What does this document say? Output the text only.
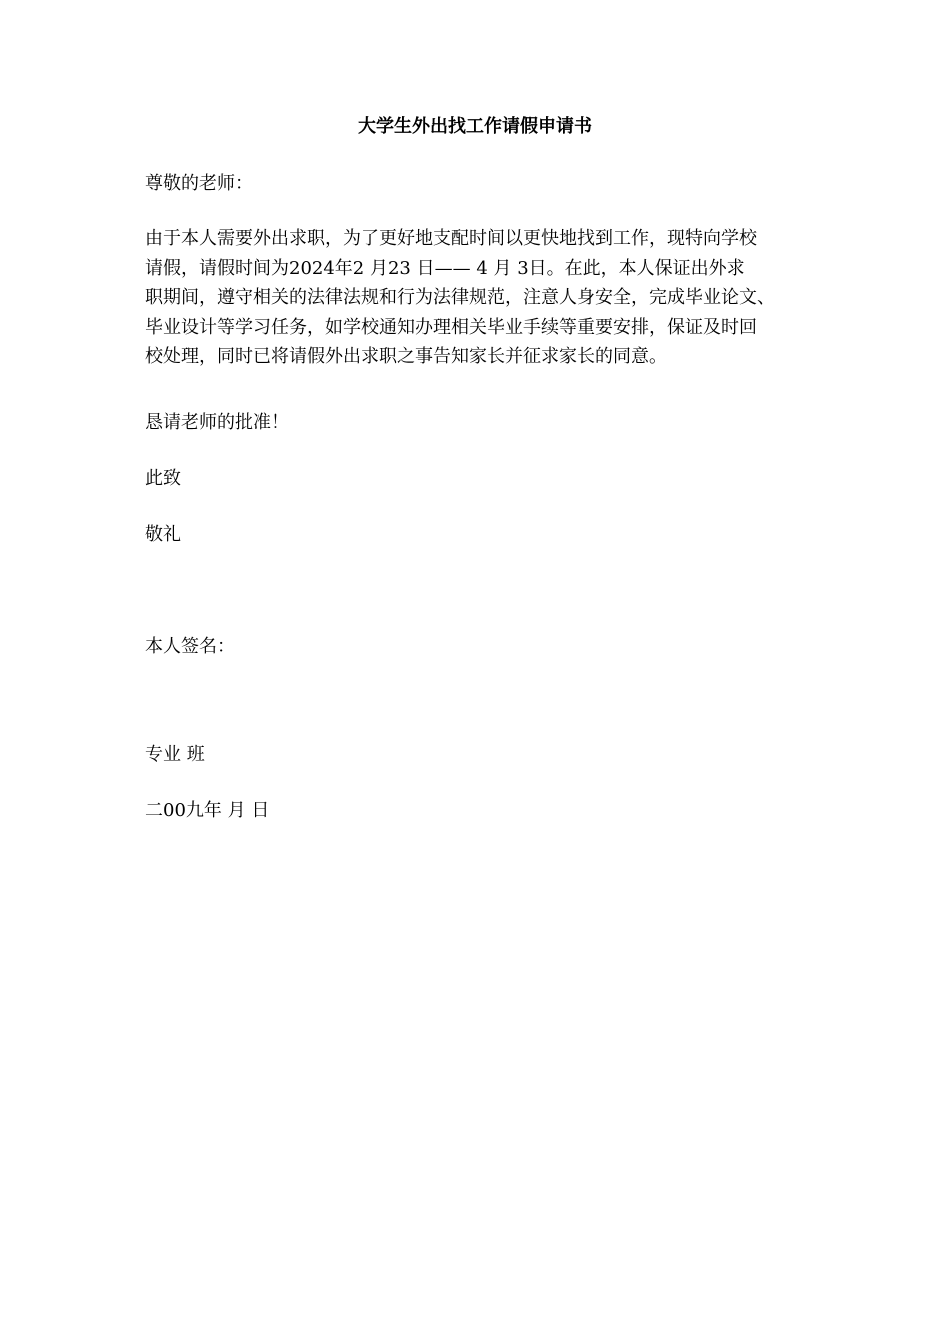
大学生外出找工作请假申请书

尊敬的老师：

由于本人需要外出求职，为了更好地支配时间以更快地找到工作，现特向学校
请假，请假时间为2024年2 月23 日—— 4 月 3日。在此，本人保证出外求
职期间，遵守相关的法律法规和行为法律规范，注意人身安全，完成毕业论文、
毕业设计等学习任务，如学校通知办理相关毕业手续等重要安排，保证及时回
校处理，同时已将请假外出求职之事告知家长并征求家长的同意。

恳请老师的批准！

此致

敬礼

本人签名：

专业 班

二00九年 月 日
